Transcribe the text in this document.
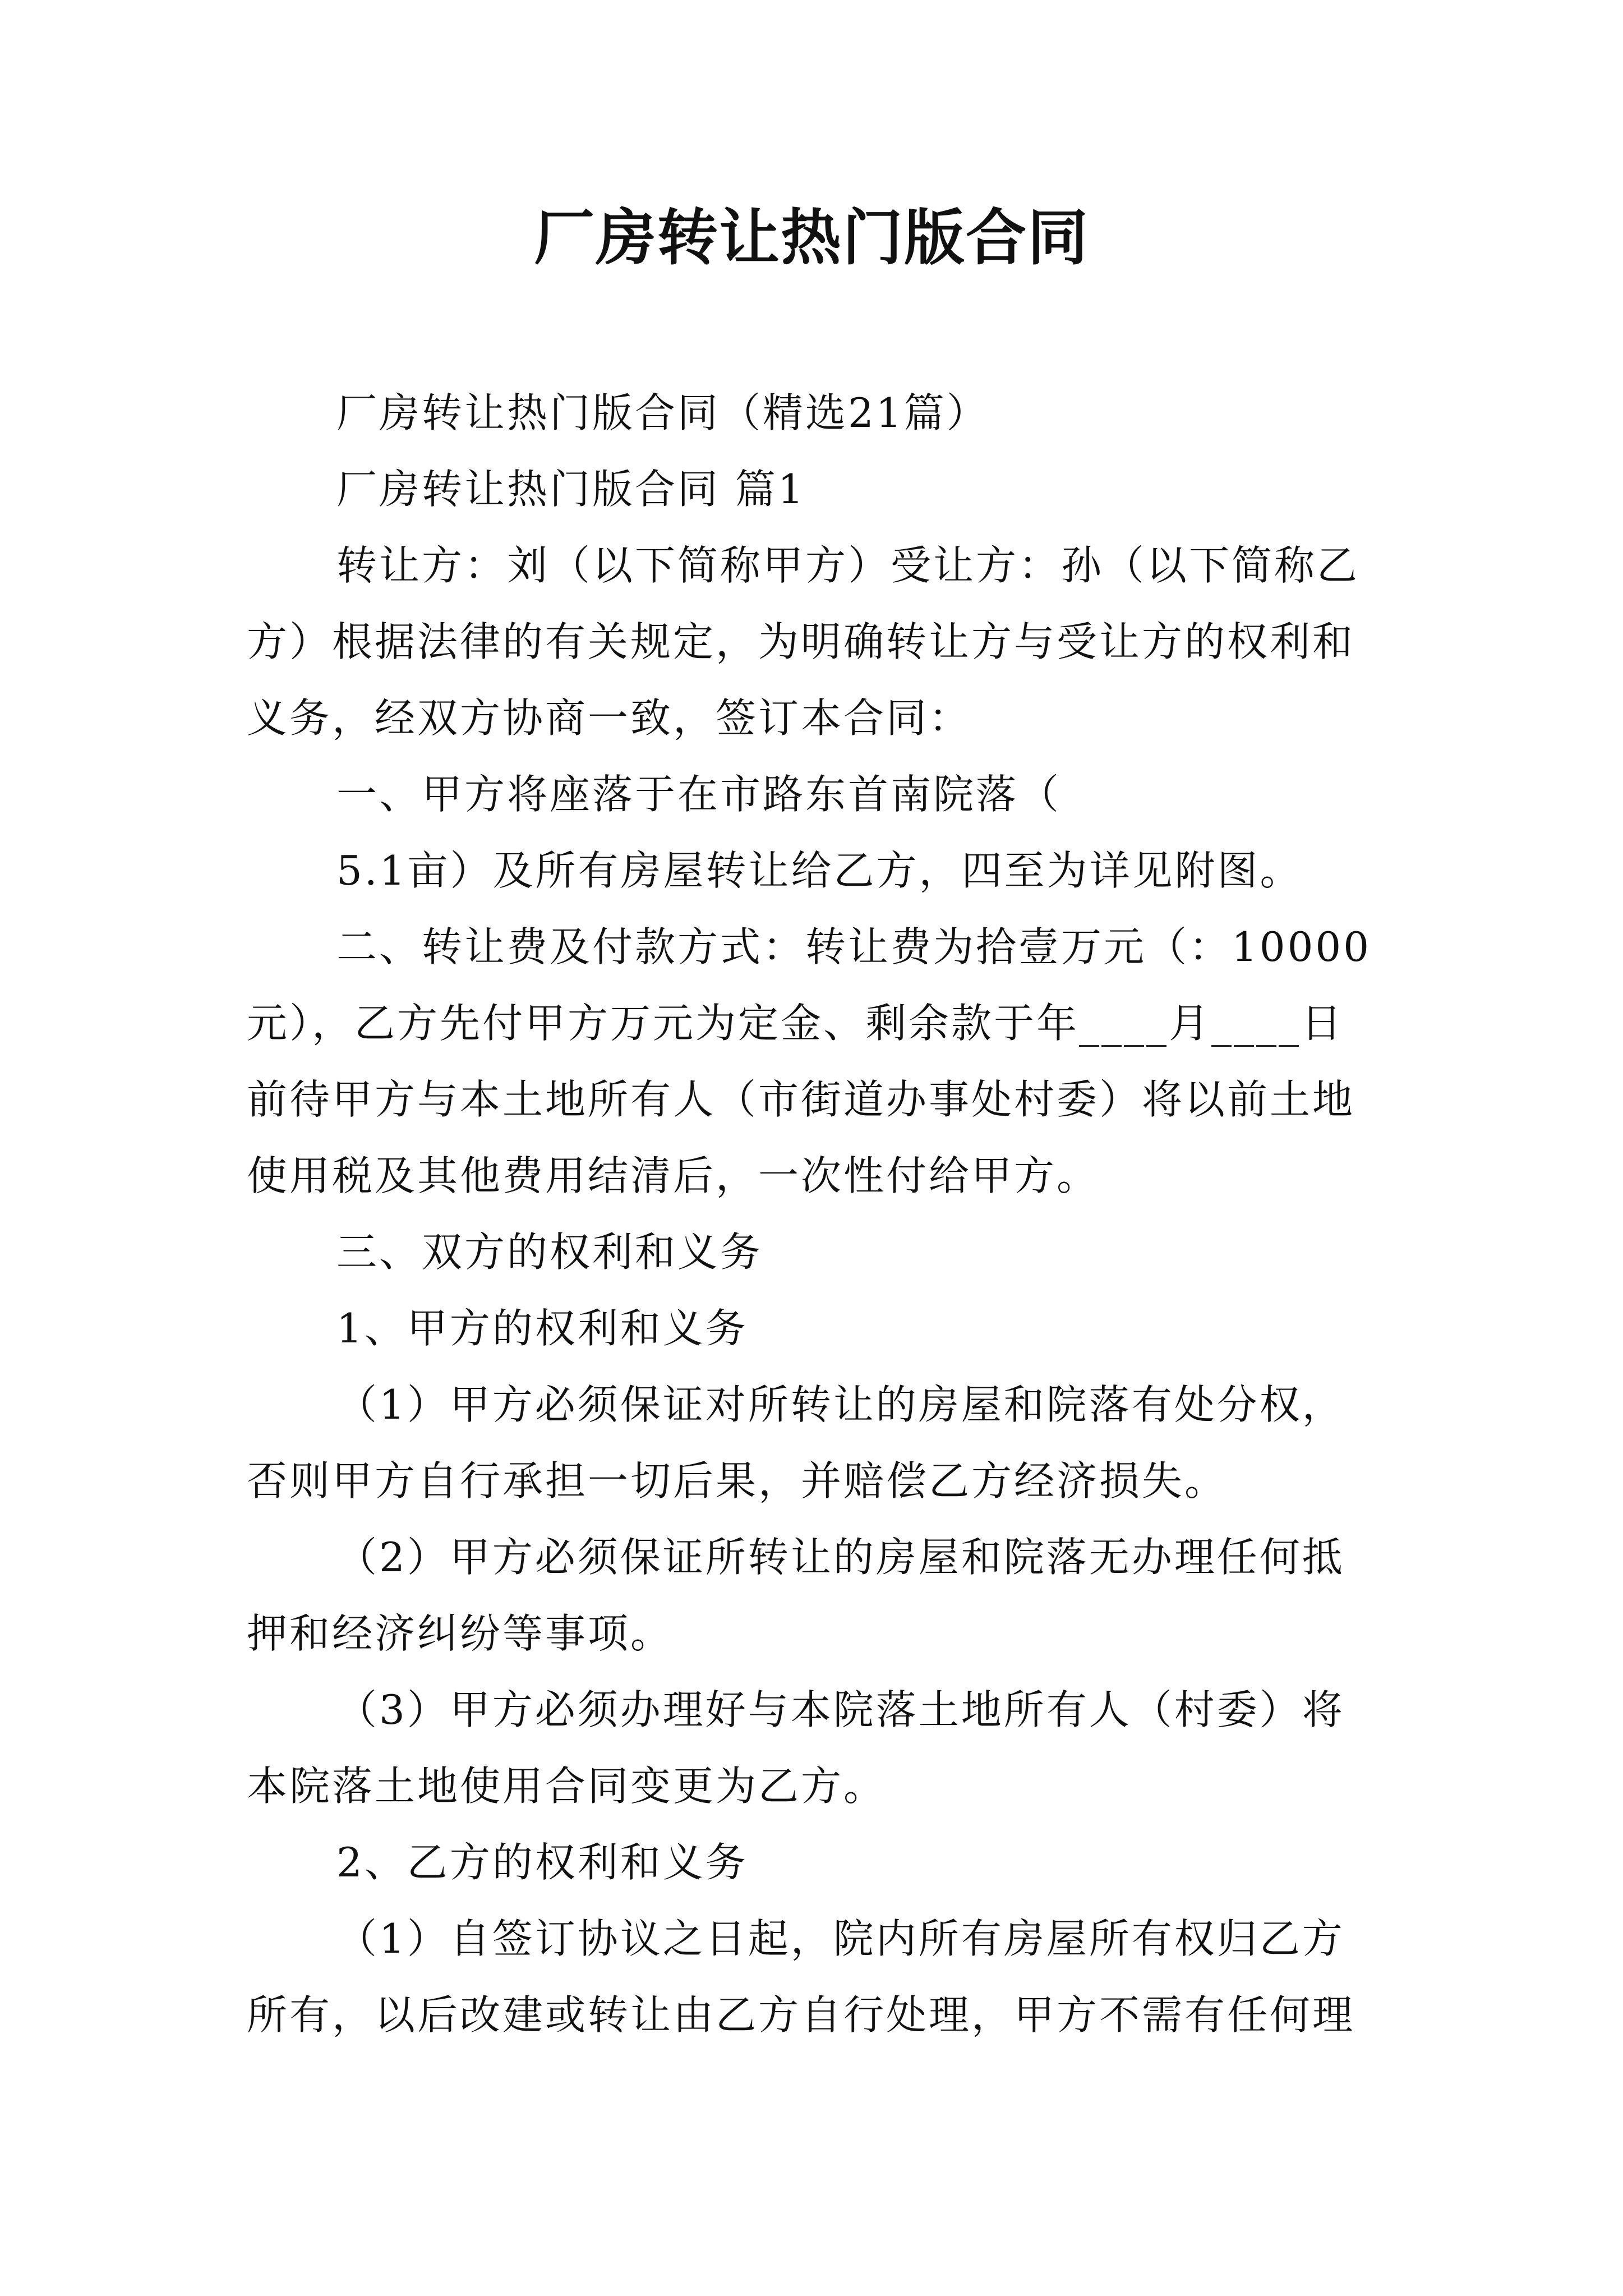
厂房转让热门版合同
厂房转让热门版合同（精选21篇）
厂房转让热门版合同 篇1
转让方：刘（以下简称甲方）受让方：孙（以下简称乙
方）根据法律的有关规定，为明确转让方与受让方的权利和
义务，经双方协商一致，签订本合同：
一、甲方将座落于在市路东首南院落（
5.1亩）及所有房屋转让给乙方，四至为详见附图。
二、转让费及付款方式：转让费为拾壹万元（：10000
元），乙方先付甲方万元为定金、剩余款于年____月____日
前待甲方与本土地所有人（市街道办事处村委）将以前土地
使用税及其他费用结清后，一次性付给甲方。
三、双方的权利和义务
1、甲方的权利和义务
（1）甲方必须保证对所转让的房屋和院落有处分权，
否则甲方自行承担一切后果，并赔偿乙方经济损失。
（2）甲方必须保证所转让的房屋和院落无办理任何抵
押和经济纠纷等事项。
（3）甲方必须办理好与本院落土地所有人（村委）将
本院落土地使用合同变更为乙方。
2、乙方的权利和义务
（1）自签订协议之日起，院内所有房屋所有权归乙方
所有，以后改建或转让由乙方自行处理，甲方不需有任何理
